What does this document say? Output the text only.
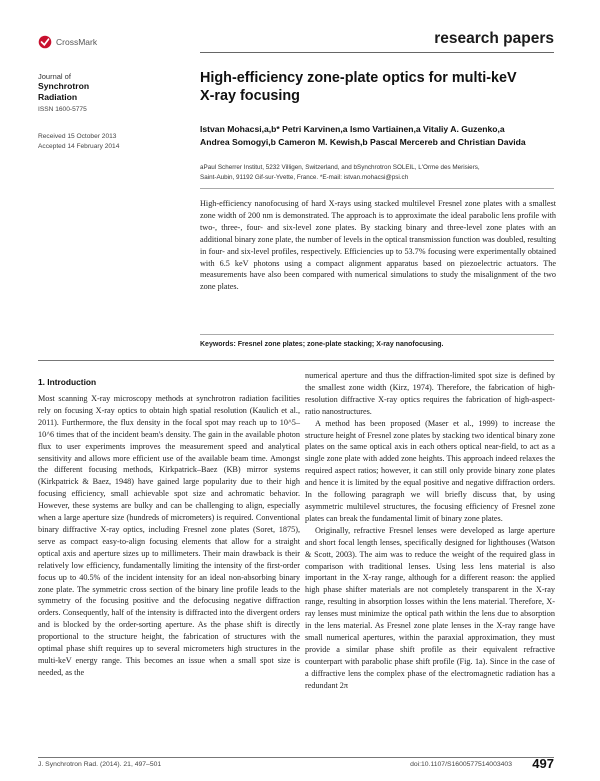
CrossMark	research papers
Journal of
Synchrotron
Radiation
ISSN 1600-5775
Received 15 October 2013
Accepted 14 February 2014
High-efficiency zone-plate optics for multi-keV
X-ray focusing
Istvan Mohacsi,a,b* Petri Karvinen,a Ismo Vartiainen,a Vitaliy A. Guzenko,a
Andrea Somogyi,b Cameron M. Kewish,b Pascal Mercereb and Christian Davida
aPaul Scherrer Institut, 5232 Villigen, Switzerland, and bSynchrotron SOLEIL, L'Orme des Merisiers,
Saint-Aubin, 91192 Gif-sur-Yvette, France. *E-mail: istvan.mohacsi@psi.ch

High-efficiency nanofocusing of hard X-rays using stacked multilevel Fresnel zone plates with a smallest zone width of 200 nm is demonstrated. The approach is to approximate the ideal parabolic lens profile with two-, three-, four- and six-level zone plates. By stacking binary and three-level zone plates with an additional binary zone plate, the number of levels in the optical transmission function was doubled, resulting in four- and six-level profiles, respectively. Efficiencies up to 53.7% focusing were experimentally obtained with 6.5 keV photons using a compact alignment apparatus based on piezoelectric actuators. The measurements have also been compared with numerical simulations to study the misalignment of the two zone plates.

Keywords: Fresnel zone plates; zone-plate stacking; X-ray nanofocusing.
1. Introduction

Most scanning X-ray microscopy methods at synchrotron radiation facilities rely on focusing X-ray optics to obtain high spatial resolution (Kaulich et al., 2011). Furthermore, the flux density in the focal spot may reach up to 10^5–10^6 times that of the incident beam's density. The gain in the available photon flux to user experiments improves the measurement speed and analytical sensitivity and allows more efficient use of the available beam time. Amongst the different focusing methods, Kirkpatrick–Baez (KB) mirror systems (Kirkpatrick & Baez, 1948) have gained large popularity due to their high focusing efficiency, small achievable spot size and achromatic behavior. However, these systems are bulky and can be challenging to align, especially when a large aperture size (hundreds of micrometers) is required. Conventional binary diffractive X-ray optics, including Fresnel zone plates (Soret, 1875), serve as compact easy-to-align focusing elements that allow for a straight optical axis and aperture sizes up to millimeters. Their main drawback is their relatively low efficiency, fundamentally limiting the intensity of the first-order focus up to 40.5% of the incident intensity for an ideal non-absorbing binary zone plate. The symmetric cross section of the binary line profile leads to the symmetry of the focusing positive and the defocusing negative diffraction orders. Consequently, half of the intensity is diffracted into the divergent orders and is blocked by the order-sorting aperture. As the phase shift is directly proportional to the structure height, the fabrication of structures with the optimal phase shift requires up to several micrometers high structures in the multi-keV energy range. This becomes an issue when a small spot size is needed, as the

numerical aperture and thus the diffraction-limited spot size is defined by the smallest zone width (Kirz, 1974). Therefore, the fabrication of high-resolution diffractive X-ray optics requires the fabrication of high-aspect-ratio nanostructures.

A method has been proposed (Maser et al., 1999) to increase the structure height of Fresnel zone plates by stacking two identical binary zone plates on the same optical axis in each others optical near-field, to act as a single zone plate with added zone heights. This approach indeed relaxes the required aspect ratios; however, it can still only provide binary zone plates and hence it is limited by the equal positive and negative diffraction orders. In the following paragraph we will briefly discuss that, by using asymmetric multilevel structures, the focusing efficiency of Fresnel zone plates can break the fundamental limit of binary zone plates.

Originally, refractive Fresnel lenses were developed as large aperture and short focal length lenses, specifically designed for lighthouses (Watson & Scott, 2003). The aim was to reduce the weight of the required glass in comparison with traditional lenses. Using less lens material is also important in the X-ray range, although for a different reason: the applied high phase shifter materials are not completely transparent in the X-ray range, resulting in absorption losses within the lens material. Therefore, X-ray lenses must minimize the optical path within the lens due to absorption in the lens material. As Fresnel zone plate lenses in the X-ray range have small numerical apertures, within the paraxial approximation, they must provide a similar phase shift profile as their equivalent refractive counterpart with parabolic phase shift profile (Fig. 1a). Since in the case of a diffractive lens the complex phase of the electromagnetic radiation has a redundant 2π

J. Synchrotron Rad. (2014). 21, 497–501	doi:10.1107/S1600577514003403 497
